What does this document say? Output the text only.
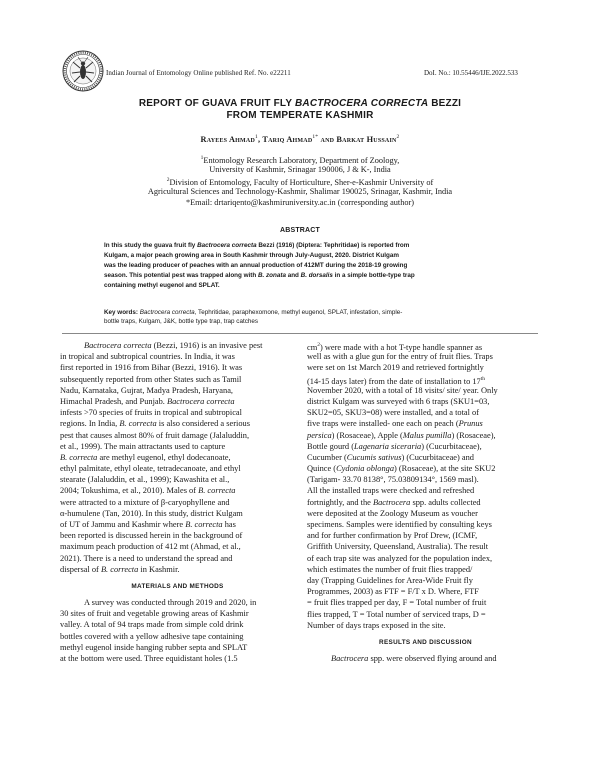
Indian Journal of Entomology Online published Ref. No. e22211	DoI. No.: 10.55446/IJE.2022.533
REPORT OF GUAVA FRUIT FLY BACTROCERA CORRECTA BEZZI
FROM TEMPERATE KASHMIR
Rayees Ahmad$^1$, Tariq Ahmad$^{1*}$ and Barkat Hussain$^2$
$^1$Entomology Research Laboratory, Department of Zoology,
University of Kashmir, Srinagar 190006, J & K-, India
$^2$Division of Entomology, Faculty of Horticulture, Sher-e-Kashmir University of
Agricultural Sciences and Technology-Kashmir, Shalimar 190025, Srinagar, Kashmir, India
*Email: drtariqento@kashmiruniversity.ac.in (corresponding author)
ABSTRACT
In this study the guava fruit fly Bactrocera correcta Bezzi (1916) (Diptera: Tephritidae) is reported from
Kulgam, a major peach growing area in South Kashmir through July-August, 2020. District Kulgam
was the leading producer of peaches with an annual production of 412MT during the 2018-19 growing
season. This potential pest was trapped along with B. zonata and B. dorsalis in a simple bottle-type trap
containing methyl eugenol and SPLAT.
Key words: Bactrocera correcta, Tephritidae, paraphexomone, methyl eugenol, SPLAT, infestation, simple-
bottle traps, Kulgam, J&K, bottle type trap, trap catches
Bactrocera correcta (Bezzi, 1916) is an invasive pest
in tropical and subtropical countries. In India, it was
first reported in 1916 from Bihar (Bezzi, 1916). It was
subsequently reported from other States such as Tamil
Nadu, Karnataka, Gujrat, Madya Pradesh, Haryana,
Himachal Pradesh, and Punjab. Bactrocera correcta
infests >70 species of fruits in tropical and subtropical
regions. In India, B. correcta is also considered a serious
pest that causes almost 80% of fruit damage (Jalaluddin,
et al., 1999). The main attractants used to capture
B. correcta are methyl eugenol, ethyl dodecanoate,
ethyl palmitate, ethyl oleate, tetradecanoate, and ethyl
stearate (Jalaluddin, et al., 1999); Kawashita et al.,
2004; Tokushima, et al., 2010). Males of B. correcta
were attracted to a mixture of β-caryophyllene and
α-humulene (Tan, 2010). In this study, district Kulgam
of UT of Jammu and Kashmir where B. correcta has
been reported is discussed herein in the background of
maximum peach production of 412 mt (Ahmad, et al.,
2021). There is a need to understand the spread and
dispersal of B. correcta in Kashmir.
MATERIALS AND METHODS
A survey was conducted through 2019 and 2020, in
30 sites of fruit and vegetable growing areas of Kashmir
valley. A total of 94 traps made from simple cold drink
bottles covered with a yellow adhesive tape containing
methyl eugenol inside hanging rubber septa and SPLAT
at the bottom were used. Three equidistant holes (1.5
$cm^2$) were made with a hot T-type handle spanner as
well as with a glue gun for the entry of fruit flies. Traps
were set on 1st March 2019 and retrieved fortnightly
(14-15 days later) from the date of installation to 17th
November 2020, with a total of 18 visits/ site/ year. Only
district Kulgam was surveyed with 6 traps (SKU1=03,
SKU2=05, SKU3=08) were installed, and a total of
five traps were installed- one each on peach (Prunus
persica) (Rosaceae), Apple (Malus pumilla) (Rosaceae),
Bottle gourd (Lagenaria siceraria) (Cucurbitaceae),
Cucumber (Cucumis sativus) (Cucurbitaceae) and
Quince (Cydonia oblonga) (Rosaceae), at the site SKU2
(Tarigam- 33.70 8138°, 75.03809134°, 1569 masl).
All the installed traps were checked and refreshed
fortnightly, and the Bactrocera spp. adults collected
were deposited at the Zoology Museum as voucher
specimens. Samples were identified by consulting keys
and for further confirmation by Prof Drew, (ICMF,
Griffith University, Queensland, Australia). The result
of each trap site was analyzed for the population index,
which estimates the number of fruit flies trapped/
day (Trapping Guidelines for Area-Wide Fruit fly
Programmes, 2003) as FTF = F/T x D. Where, FTF
= fruit flies trapped per day, F = Total number of fruit
flies trapped, T = Total number of serviced traps, D =
Number of days traps exposed in the site.
RESULTS AND DISCUSSION
Bactrocera spp. were observed flying around and
